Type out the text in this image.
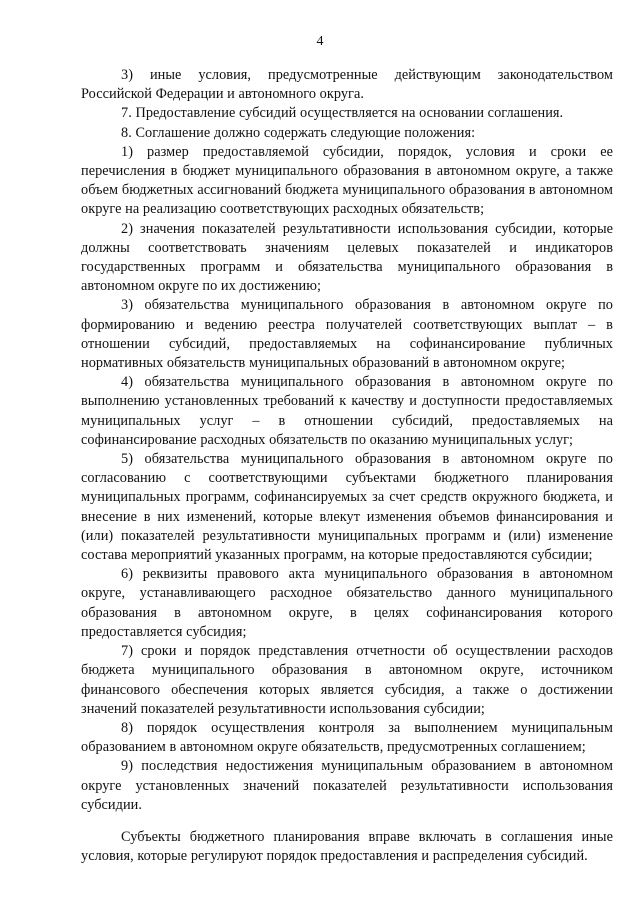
4

3) иные условия, предусмотренные действующим законодательством Российской Федерации и автономного округа.

7. Предоставление субсидий осуществляется на основании соглашения.

8. Соглашение должно содержать следующие положения:

1) размер предоставляемой субсидии, порядок, условия и сроки ее перечисления в бюджет муниципального образования в автономном округе, а также объем бюджетных ассигнований бюджета муниципального образования в автономном округе на реализацию соответствующих расходных обязательств;

2) значения показателей результативности использования субсидии, которые должны соответствовать значениям целевых показателей и индикаторов государственных программ и обязательства муниципального образования в автономном округе по их достижению;

3) обязательства муниципального образования в автономном округе по формированию и ведению реестра получателей соответствующих выплат – в отношении субсидий, предоставляемых на софинансирование публичных нормативных обязательств муниципальных образований в автономном округе;

4) обязательства муниципального образования в автономном округе по выполнению установленных требований к качеству и доступности предоставляемых муниципальных услуг – в отношении субсидий, предоставляемых на софинансирование расходных обязательств по оказанию муниципальных услуг;

5) обязательства муниципального образования в автономном округе по согласованию с соответствующими субъектами бюджетного планирования муниципальных программ, софинансируемых за счет средств окружного бюджета, и внесение в них изменений, которые влекут изменения объемов финансирования и (или) показателей результативности муниципальных программ и (или) изменение состава мероприятий указанных программ, на которые предоставляются субсидии;

6) реквизиты правового акта муниципального образования в автономном округе, устанавливающего расходное обязательство данного муниципального образования в автономном округе, в целях софинансирования которого предоставляется субсидия;

7) сроки и порядок представления отчетности об осуществлении расходов бюджета муниципального образования в автономном округе, источником финансового обеспечения которых является субсидия, а также о достижении значений показателей результативности использования субсидии;

8) порядок осуществления контроля за выполнением муниципальным образованием в автономном округе обязательств, предусмотренных соглашением;

9) последствия недостижения муниципальным образованием в автономном округе установленных значений показателей результативности использования субсидии.

Субъекты бюджетного планирования вправе включать в соглашения иные условия, которые регулируют порядок предоставления и распределения субсидий.
